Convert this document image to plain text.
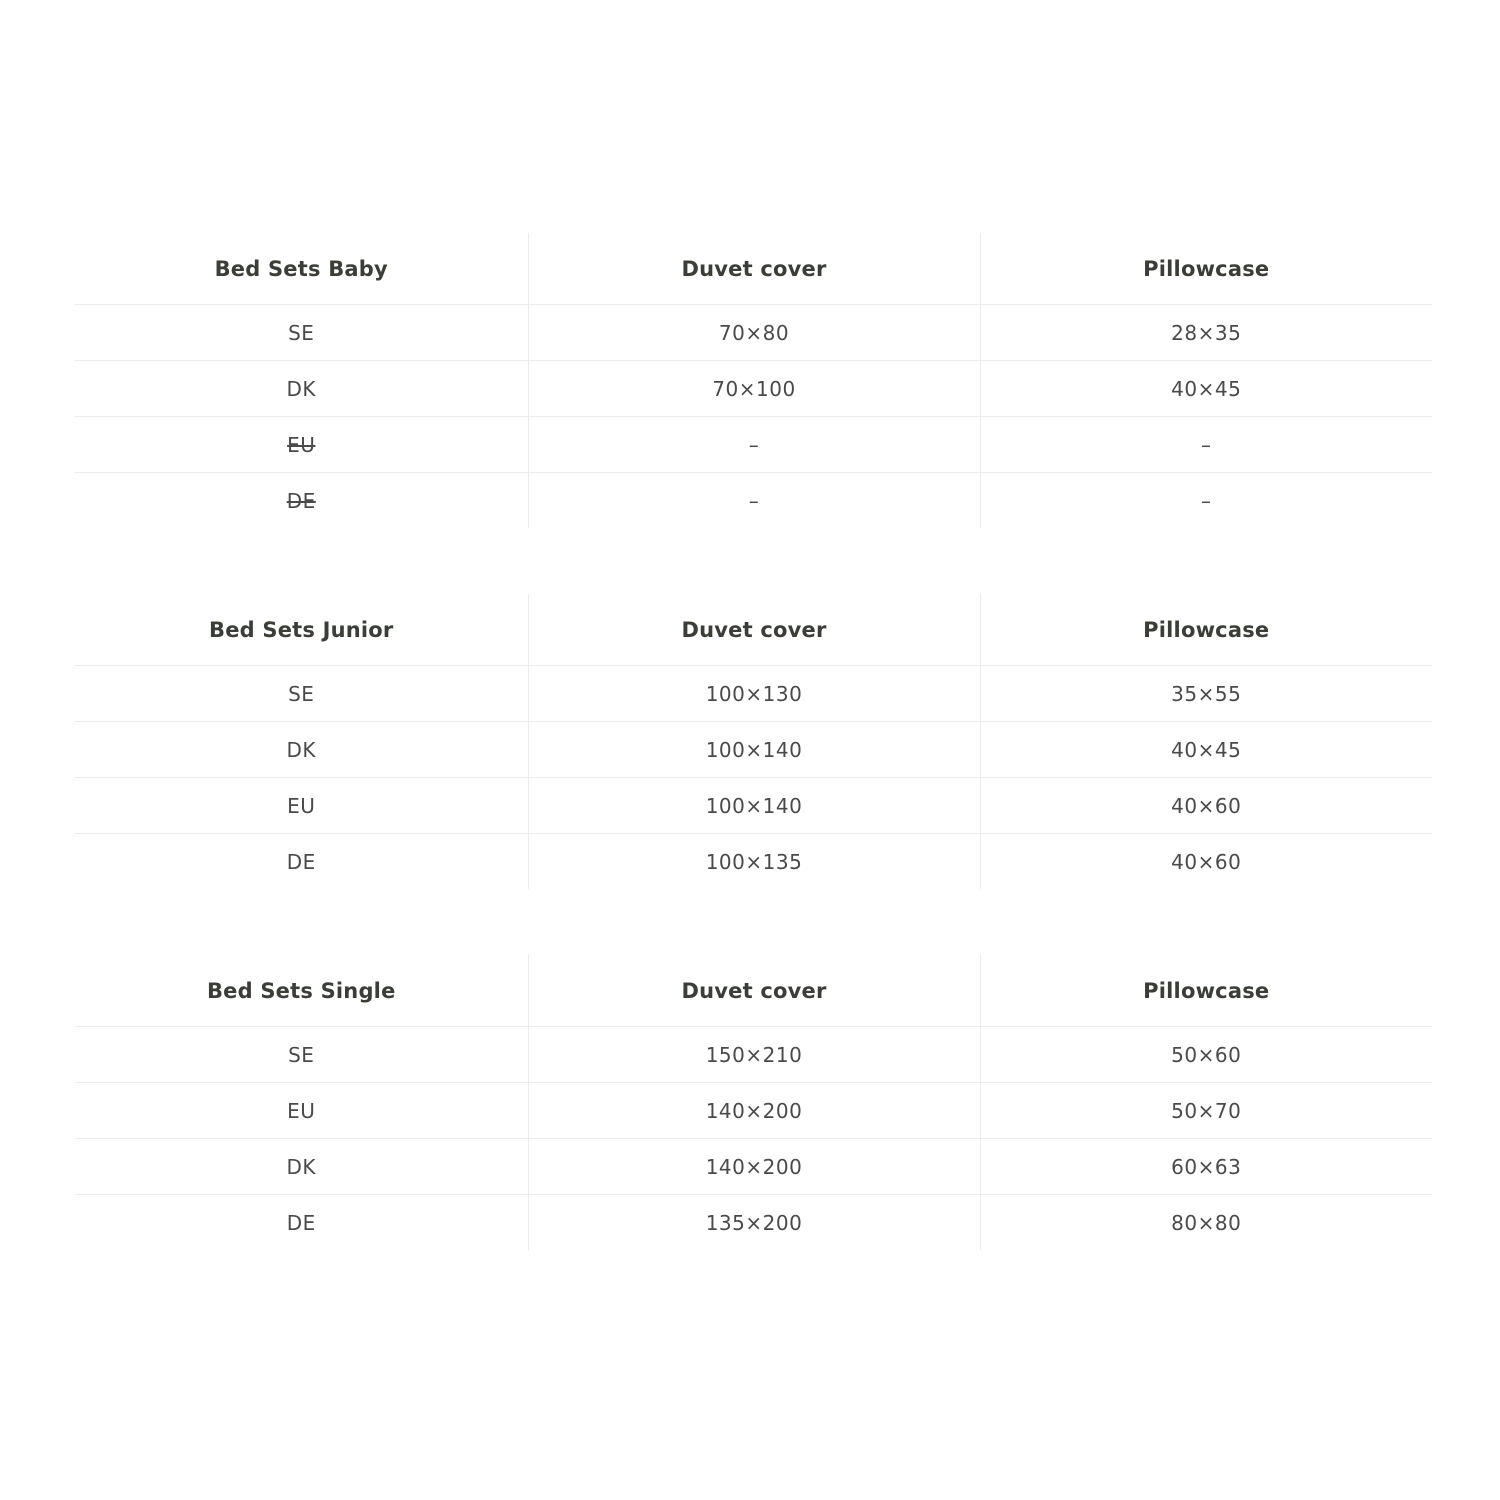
Bed Sets Baby	Duvet cover	Pillowcase
SE	70×80	28×35
DK	70×100	40×45
EU	–	–
DE	–	–
Bed Sets Junior	Duvet cover	Pillowcase
SE	100×130	35×55
DK	100×140	40×45
EU	100×140	40×60
DE	100×135	40×60
Bed Sets Single	Duvet cover	Pillowcase
SE	150×210	50×60
EU	140×200	50×70
DK	140×200	60×63
DE	135×200	80×80
